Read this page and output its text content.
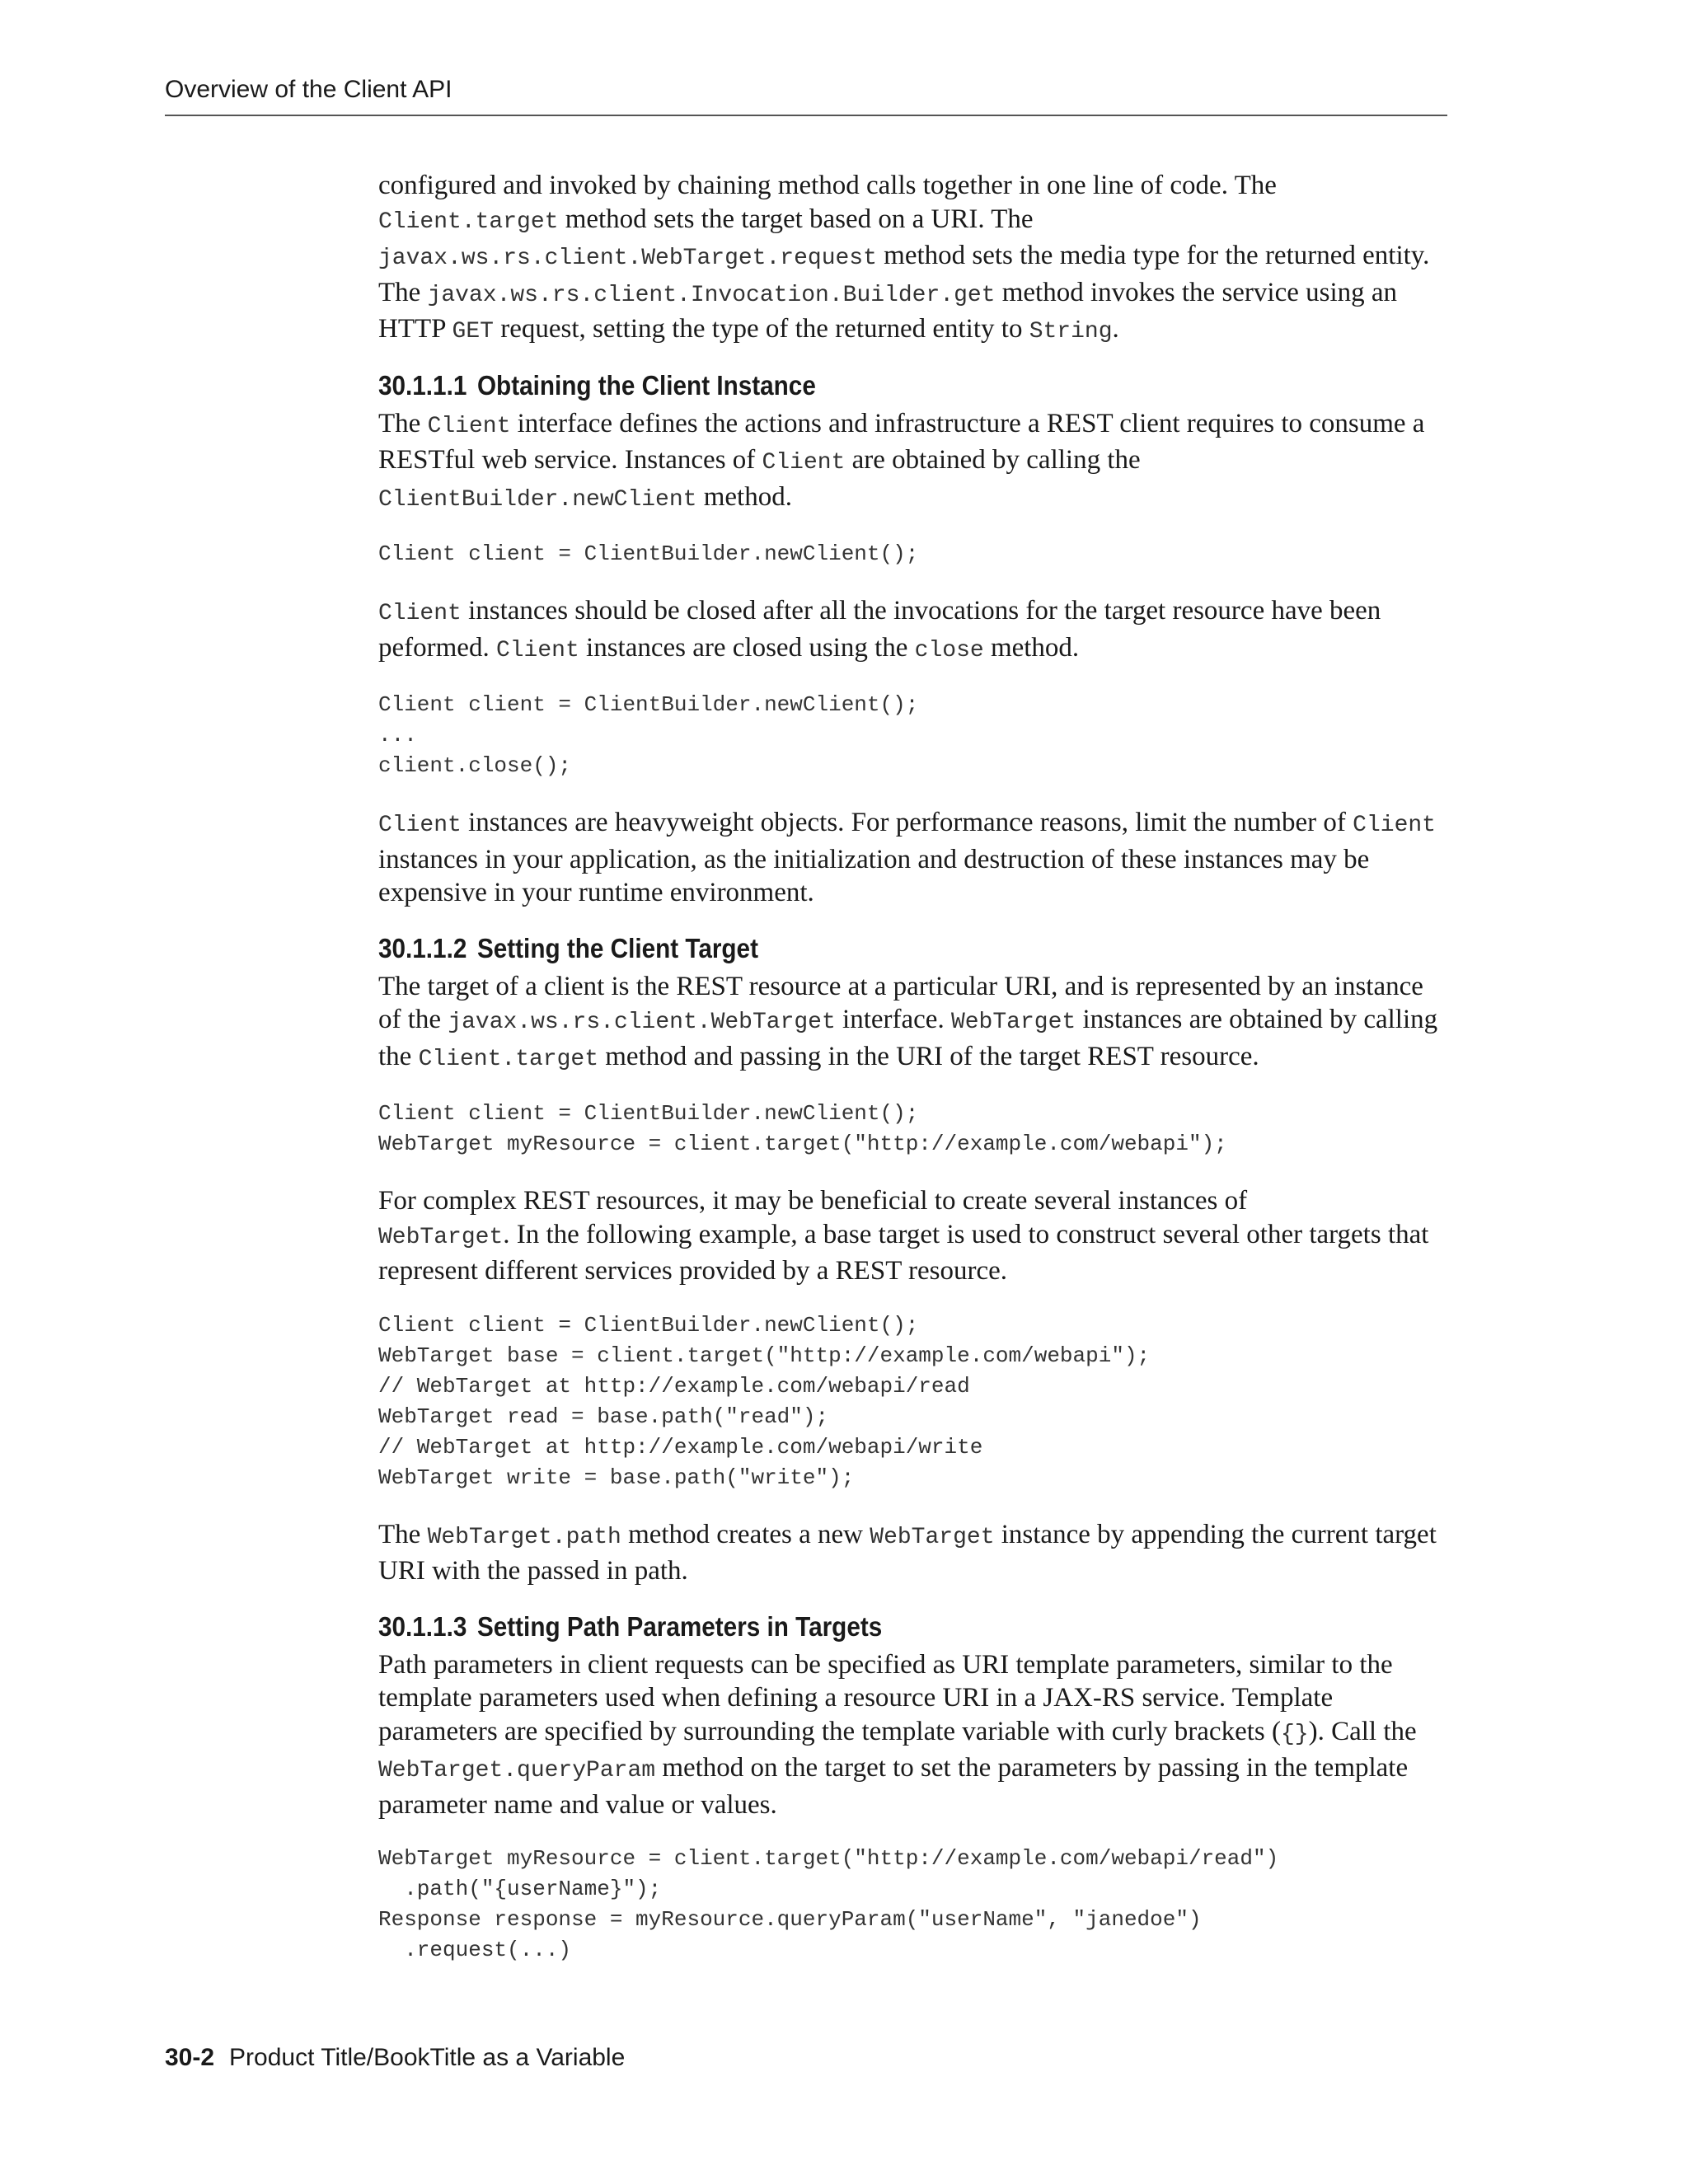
Overview of the Client API

configured and invoked by chaining method calls together in one line of code. The
Client.target method sets the target based on a URI. The
javax.ws.rs.client.WebTarget.request method sets the media type for the returned entity. The javax.ws.rs.client.Invocation.Builder.get method invokes the service using an HTTP GET request, setting the type of the returned entity to String.

30.1.1.1 Obtaining the Client Instance

The Client interface defines the actions and infrastructure a REST client requires to consume a RESTful web service. Instances of Client are obtained by calling the
ClientBuilder.newClient method.

Client client = ClientBuilder.newClient();

Client instances should be closed after all the invocations for the target resource have been peformed. Client instances are closed using the close method.

Client client = ClientBuilder.newClient();
...
client.close();

Client instances are heavyweight objects. For performance reasons, limit the number of Client instances in your application, as the initialization and destruction of these instances may be expensive in your runtime environment.

30.1.1.2 Setting the Client Target

The target of a client is the REST resource at a particular URI, and is represented by an instance of the javax.ws.rs.client.WebTarget interface. WebTarget instances are obtained by calling the Client.target method and passing in the URI of the target REST resource.

Client client = ClientBuilder.newClient();
WebTarget myResource = client.target("http://example.com/webapi");

For complex REST resources, it may be beneficial to create several instances of
WebTarget. In the following example, a base target is used to construct several other targets that represent different services provided by a REST resource.

Client client = ClientBuilder.newClient();
WebTarget base = client.target("http://example.com/webapi");
// WebTarget at http://example.com/webapi/read
WebTarget read = base.path("read");
// WebTarget at http://example.com/webapi/write
WebTarget write = base.path("write");

The WebTarget.path method creates a new WebTarget instance by appending the current target URI with the passed in path.

30.1.1.3 Setting Path Parameters in Targets

Path parameters in client requests can be specified as URI template parameters, similar to the template parameters used when defining a resource URI in a JAX-RS service. Template parameters are specified by surrounding the template variable with curly brackets ({}). Call the WebTarget.queryParam method on the target to set the parameters by passing in the template parameter name and value or values.

WebTarget myResource = client.target("http://example.com/webapi/read")
.path("{userName}");
Response response = myResource.queryParam("userName", "janedoe")
.request(...)
30-2 Product Title/BookTitle as a Variable
